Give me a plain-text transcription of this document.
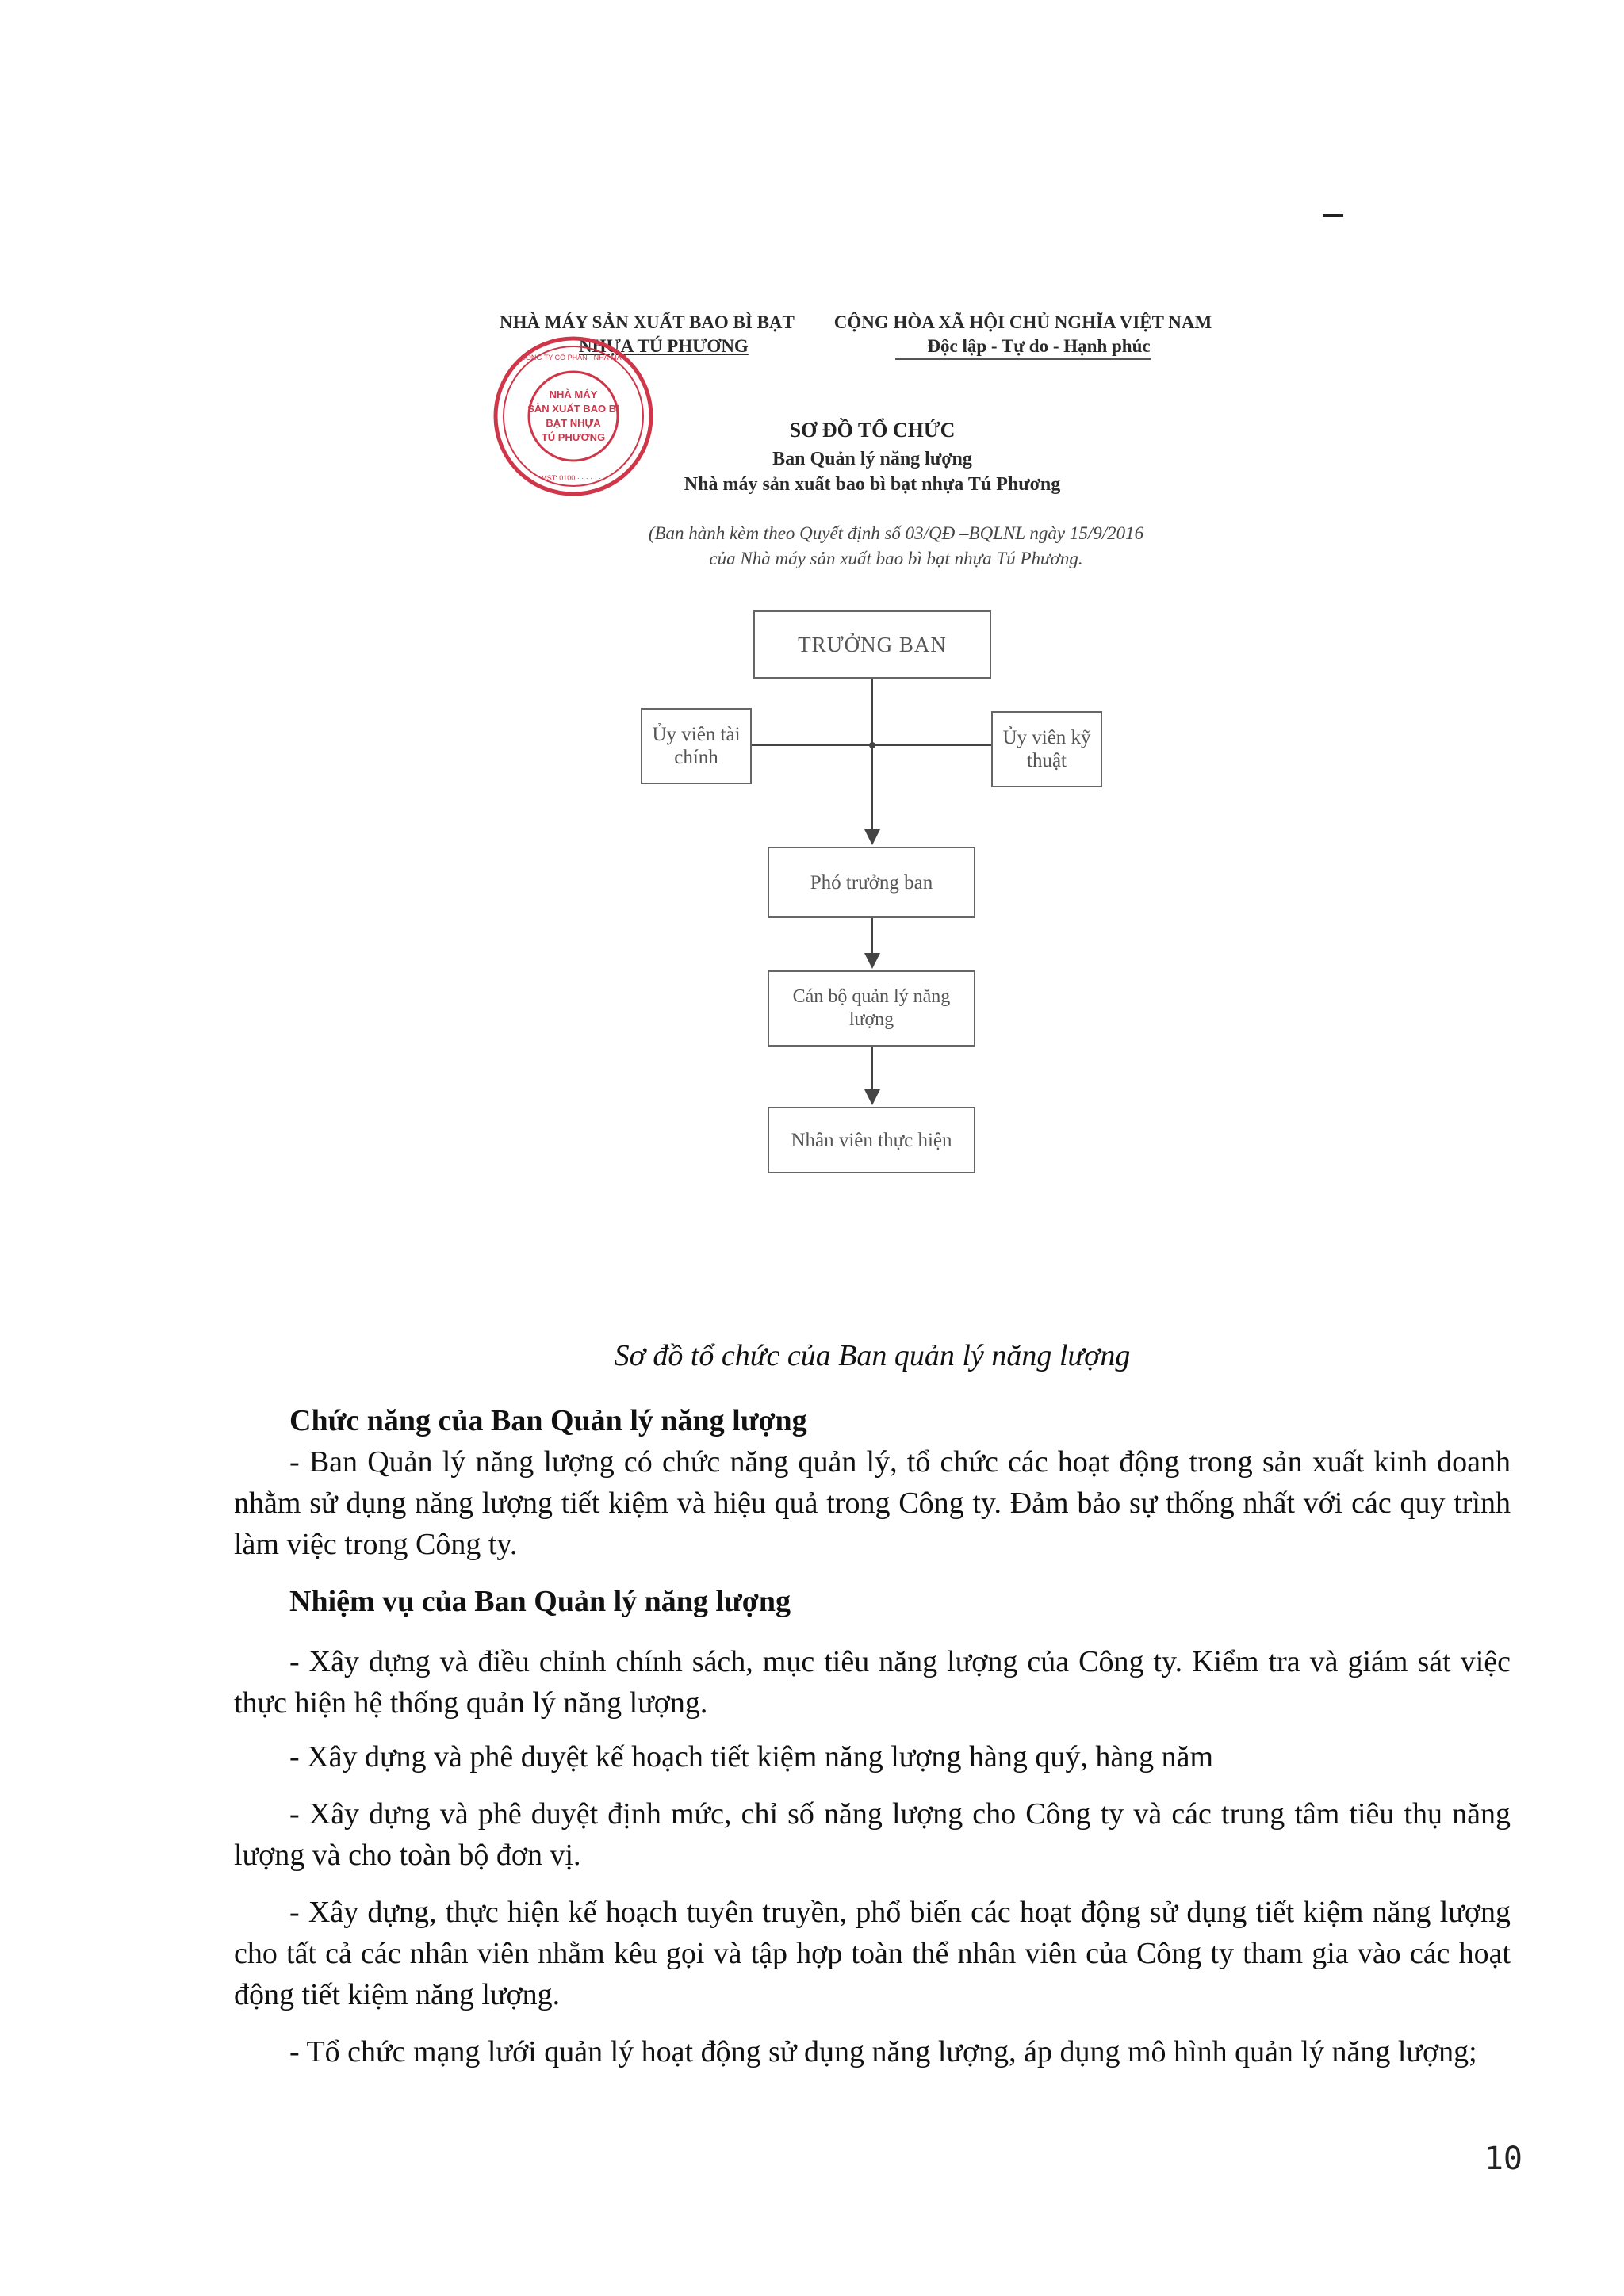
NHÀ MÁY SẢN XUẤT BAO BÌ BẠT
NHỰA TÚ PHƯƠNG
CỘNG HÒA XÃ HỘI CHỦ NGHĨA VIỆT NAM
Độc lập - Tự do - Hạnh phúc
CÔNG TY CỔ PHẦN · NHÀ MÁY
MST: 0100 · · · · · · ·
NHÀ MÁY
SẢN XUẤT BAO BÌ
BẠT NHỰA
TÚ PHƯƠNG	SƠ ĐỒ TỔ CHỨC
Ban Quản lý năng lượng
Nhà máy sản xuất bao bì bạt nhựa Tú Phương
(Ban hành kèm theo Quyết định số 03/QĐ –BQLNL ngày 15/9/2016
của Nhà máy sản xuất bao bì bạt nhựa Tú Phương.
TRƯỞNG BAN
Ủy viên tài chính
Ủy viên kỹ thuật
Phó trưởng ban
Cán bộ quản lý năng lượng
Nhân viên thực hiện
Sơ đồ tổ chức của Ban quản lý năng lượng
Chức năng của Ban Quản lý năng lượng
- Ban Quản lý năng lượng có chức năng quản lý, tổ chức các hoạt động trong sản xuất kinh doanh nhằm sử dụng năng lượng tiết kiệm và hiệu quả trong Công ty. Đảm bảo sự thống nhất với các quy trình làm việc trong Công ty.
Nhiệm vụ của Ban Quản lý năng lượng
- Xây dựng và điều chỉnh chính sách, mục tiêu năng lượng của Công ty. Kiểm tra và giám sát việc thực hiện hệ thống quản lý năng lượng.
- Xây dựng và phê duyệt kế hoạch tiết kiệm năng lượng hàng quý, hàng năm
- Xây dựng và phê duyệt định mức, chỉ số năng lượng cho Công ty và các trung tâm tiêu thụ năng lượng và cho toàn bộ đơn vị.
- Xây dựng, thực hiện kế hoạch tuyên truyền, phổ biến các hoạt động sử dụng tiết kiệm năng lượng cho tất cả các nhân viên nhằm kêu gọi và tập hợp toàn thể nhân viên của Công ty tham gia vào các hoạt động tiết kiệm năng lượng.
- Tổ chức mạng lưới quản lý hoạt động sử dụng năng lượng, áp dụng mô hình quản lý năng lượng;
10
